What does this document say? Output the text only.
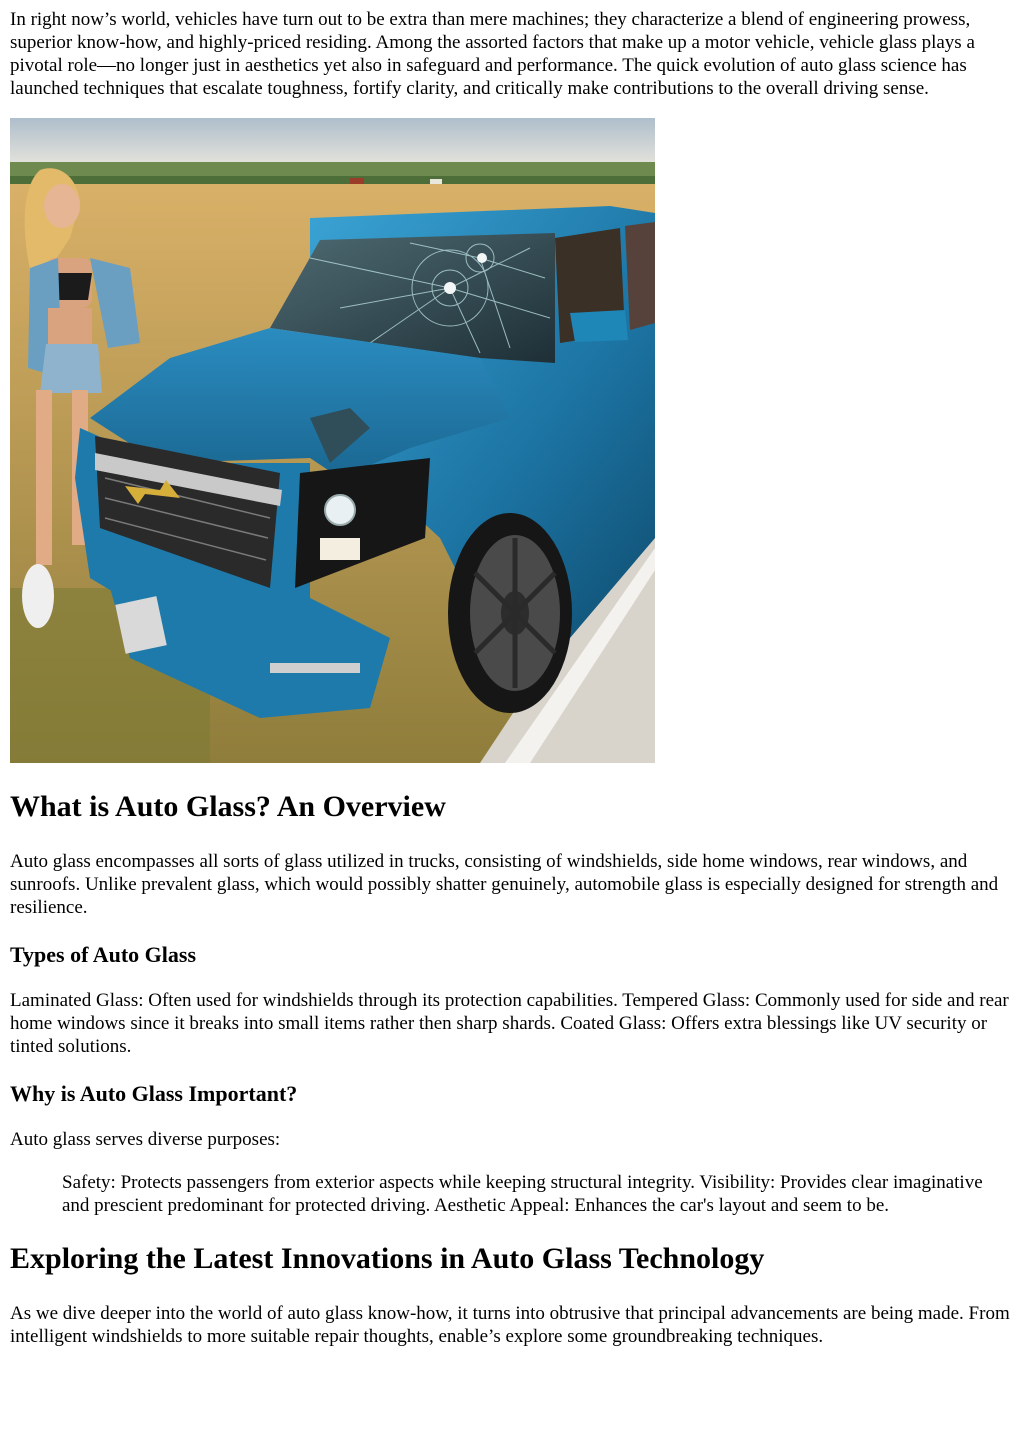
In right now’s world, vehicles have turn out to be extra than mere machines; they characterize a blend of engineering prowess, superior know-how, and highly-priced residing. Among the assorted factors that make up a motor vehicle, vehicle glass plays a pivotal role—no longer just in aesthetics yet also in safeguard and performance. The quick evolution of auto glass science has launched techniques that escalate toughness, fortify clarity, and critically make contributions to the overall driving sense.

What is Auto Glass? An Overview

Auto glass encompasses all sorts of glass utilized in trucks, consisting of windshields, side home windows, rear windows, and sunroofs. Unlike prevalent glass, which would possibly shatter genuinely, automobile glass is especially designed for strength and resilience.

Types of Auto Glass

Laminated Glass: Often used for windshields through its protection capabilities. Tempered Glass: Commonly used for side and rear home windows since it breaks into small items rather then sharp shards. Coated Glass: Offers extra blessings like UV security or tinted solutions.

Why is Auto Glass Important?

Auto glass serves diverse purposes:

Safety: Protects passengers from exterior aspects while keeping structural integrity. Visibility: Provides clear imaginative and prescient predominant for protected driving. Aesthetic Appeal: Enhances the car's layout and seem to be.
Exploring the Latest Innovations in Auto Glass Technology

As we dive deeper into the world of auto glass know-how, it turns into obtrusive that principal advancements are being made. From intelligent windshields to more suitable repair thoughts, enable’s explore some groundbreaking techniques.
